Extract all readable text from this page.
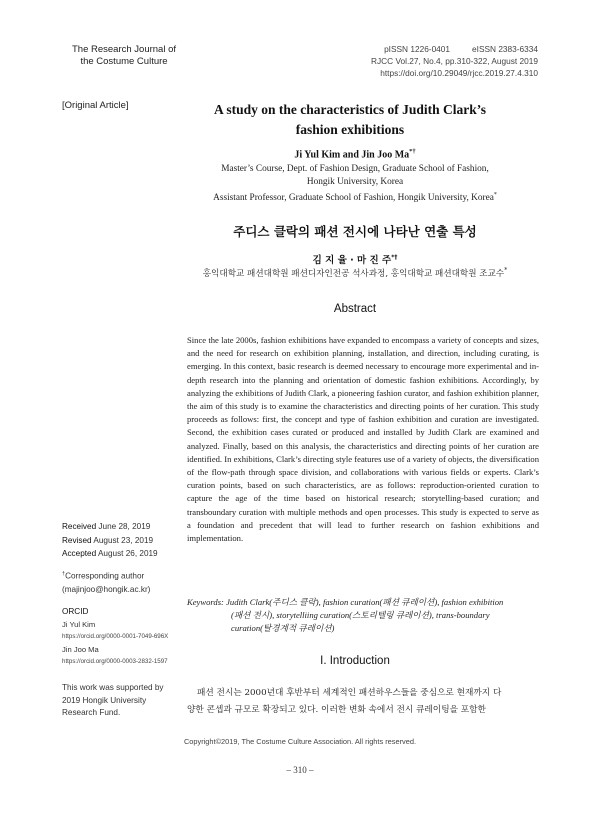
The Research Journal of
the Costume Culture
pISSN 1226-0401	eISSN 2383-6334
RJCC Vol.27, No.4, pp.310-322, August 2019
https://doi.org/10.29049/rjcc.2019.27.4.310
[Original Article]	A study on the characteristics of Judith Clark’s
fashion exhibitions
Ji Yul Kim and Jin Joo Ma*†
Master’s Course, Dept. of Fashion Design, Graduate School of Fashion,
Hongik University, Korea
Assistant Professor, Graduate School of Fashion, Hongik University, Korea*
주디스 클락의 패션 전시에 나타난 연출 특성
김 지 율 · 마 진 주*†
홍익대학교 패션대학원 패션디자인전공 석사과정, 홍익대학교 패션대학원 조교수*
Abstract
Since the late 2000s, fashion exhibitions have expanded to encompass a variety of concepts and sizes, and the need for research on exhibition planning, installation, and direction, including curating, is emerging. In this context, basic research is deemed necessary to encourage more experimental and in-depth research into the planning and orientation of domestic fashion exhibitions. Accordingly, by analyzing the exhibitions of Judith Clark, a pioneering fashion curator, and fashion exhibition planner, the aim of this study is to examine the characteristics and directing points of her curation. This study proceeds as follows: first, the concept and type of fashion exhibition and curation are investigated. Second, the exhibition cases curated or produced and installed by Judith Clark are examined and analyzed. Finally, based on this analysis, the characteristics and directing points of her curation are identified. In exhibitions, Clark’s directing style features use of a variety of objects, the diversification of the flow-path through space division, and collaborations with various fields or experts. Clark’s curation points, based on such characteristics, are as follows: reproduction-oriented curation to capture the age of the time based on historical research; storytelling-based curation; and transboundary curation with multiple methods and open processes. This study is expected to serve as a foundation and precedent that will lead to further research on fashion exhibitions and implementation.
Keywords: Judith Clark(주디스 클락), fashion curation(패션 큐레이션), fashion exhibition
(패션 전시), storytelliing curation(스토리텔링 큐레이션), trans-boundary
curation(탈경계적 큐레이션)
Received June 28, 2019
Revised August 23, 2019
Accepted August 26, 2019
†Corresponding author
(majinjoo@hongik.ac.kr)
ORCID
Ji Yul Kim
https://orcid.org/0000-0001-7049-696X
Jin Joo Ma
https://orcid.org/0000-0003-2832-1597
This work was supported by
2019 Hongik University
Research Fund.
I. Introduction
패션 전시는 2000년대 후반부터 세계적인 패션하우스들을 중심으로 현재까지 다
양한 콘셉과 규모로 확장되고 있다. 이러한 변화 속에서 전시 큐레이팅을 포함한
Copyright©2019, The Costume Culture Association. All rights reserved.
– 310 –
